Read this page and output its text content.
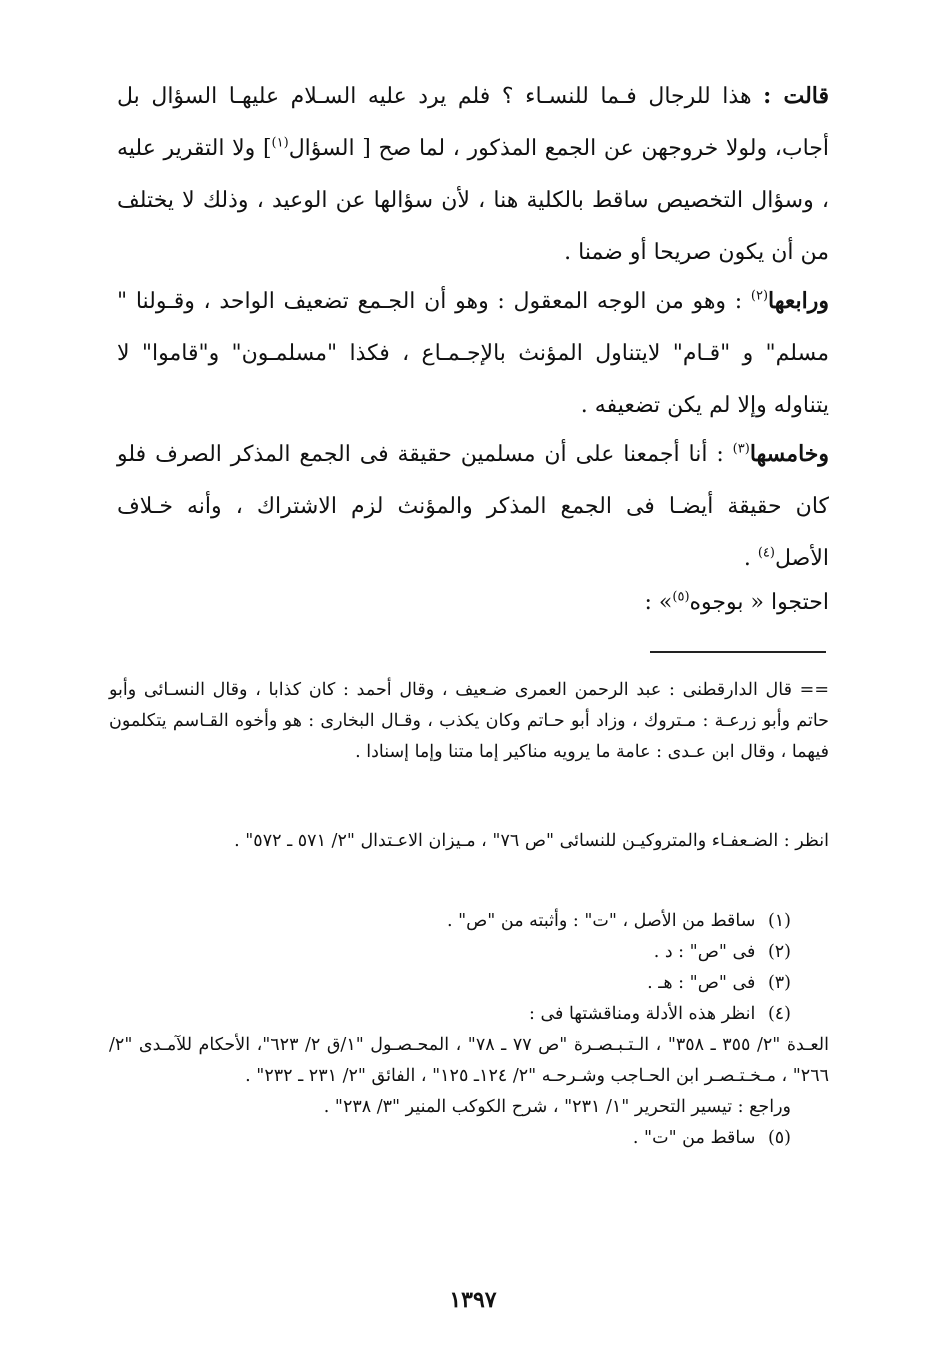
قالت : هذا للرجال فـما للنسـاء ؟ فلم يرد عليه السـلام عليهـا السؤال بل أجاب، ولولا خروجهن عن الجمع المذكور ، لما صح [ السؤال$^{(١)}$] ولا التقرير عليه ، وسؤال التخصيص ساقط بالكلية هنا ، لأن سؤالها عن الوعيد ، وذلك لا يختلف من أن يكون صريحا أو ضمنا .
ورابعها$^{(٢)}$ : وهو من الوجه المعقول : وهو أن الجـمع تضعيف الواحد ، وقـولنا " مسلم" و "قـام" لايتناول المؤنث بالإجـمـاع ، فكذا "مسلمـون" و"قاموا" لا يتناوله وإلا لم يكن تضعيفه .
وخامسها$^{(٣)}$ : أنا أجمعنا على أن مسلمين حقيقة فى الجمع المذكر الصرف فلو كان حقيقة أيضـا فى الجمع المذكر والمؤنث لزم الاشتراك ، وأنه خـلاف الأصل$^{(٤)}$ .
احتجوا « بوجوه$^{(٥)}$» :
== قال الدارقطنى : عبد الرحمن العمرى ضـعيف ، وقال أحمد : كان كذابا ، وقال النسـائى وأبو حاتم وأبو زرعـة : مـتروك ، وزاد أبو حـاتم وكان يكذب ، وقـال البخارى : هو وأخوه القـاسم يتكلمون فيهما ، وقال ابن عـدى : عامة ما يرويه مناكير إما متنا وإما إسنادا .
انظر : الضـعفـاء والمتروكيـن للنسائى "ص ٧٦" ، مـيزان الاعـتدال "٢/ ٥٧١ ـ ٥٧٢" .

(١) ساقط من الأصل ، "ت" : وأثبته من "ص" .

(٢) فى "ص" : د .

(٣) فى "ص" : هـ .

(٤) انظر هذه الأدلة ومناقشتها فى :

العـدة "٢/ ٣٥٥ ـ ٣٥٨" ، الـتـبـصـرة "ص ٧٧ ـ ٧٨" ، المحـصـول "١/ق ٢/ ٦٢٣"، الأحكام للآمـدى "٢/ ٢٦٦" ، مـخـتـصـر ابن الحـاجب وشـرحـه "٢/ ١٢٤ـ ١٢٥" ، الفائق "٢/ ٢٣١ ـ ٢٣٢" .

وراجع : تيسير التحرير "١/ ٢٣١" ، شرح الكوكب المنير "٣/ ٢٣٨" .

(٥) ساقط من "ت" .

١٣٩٧
